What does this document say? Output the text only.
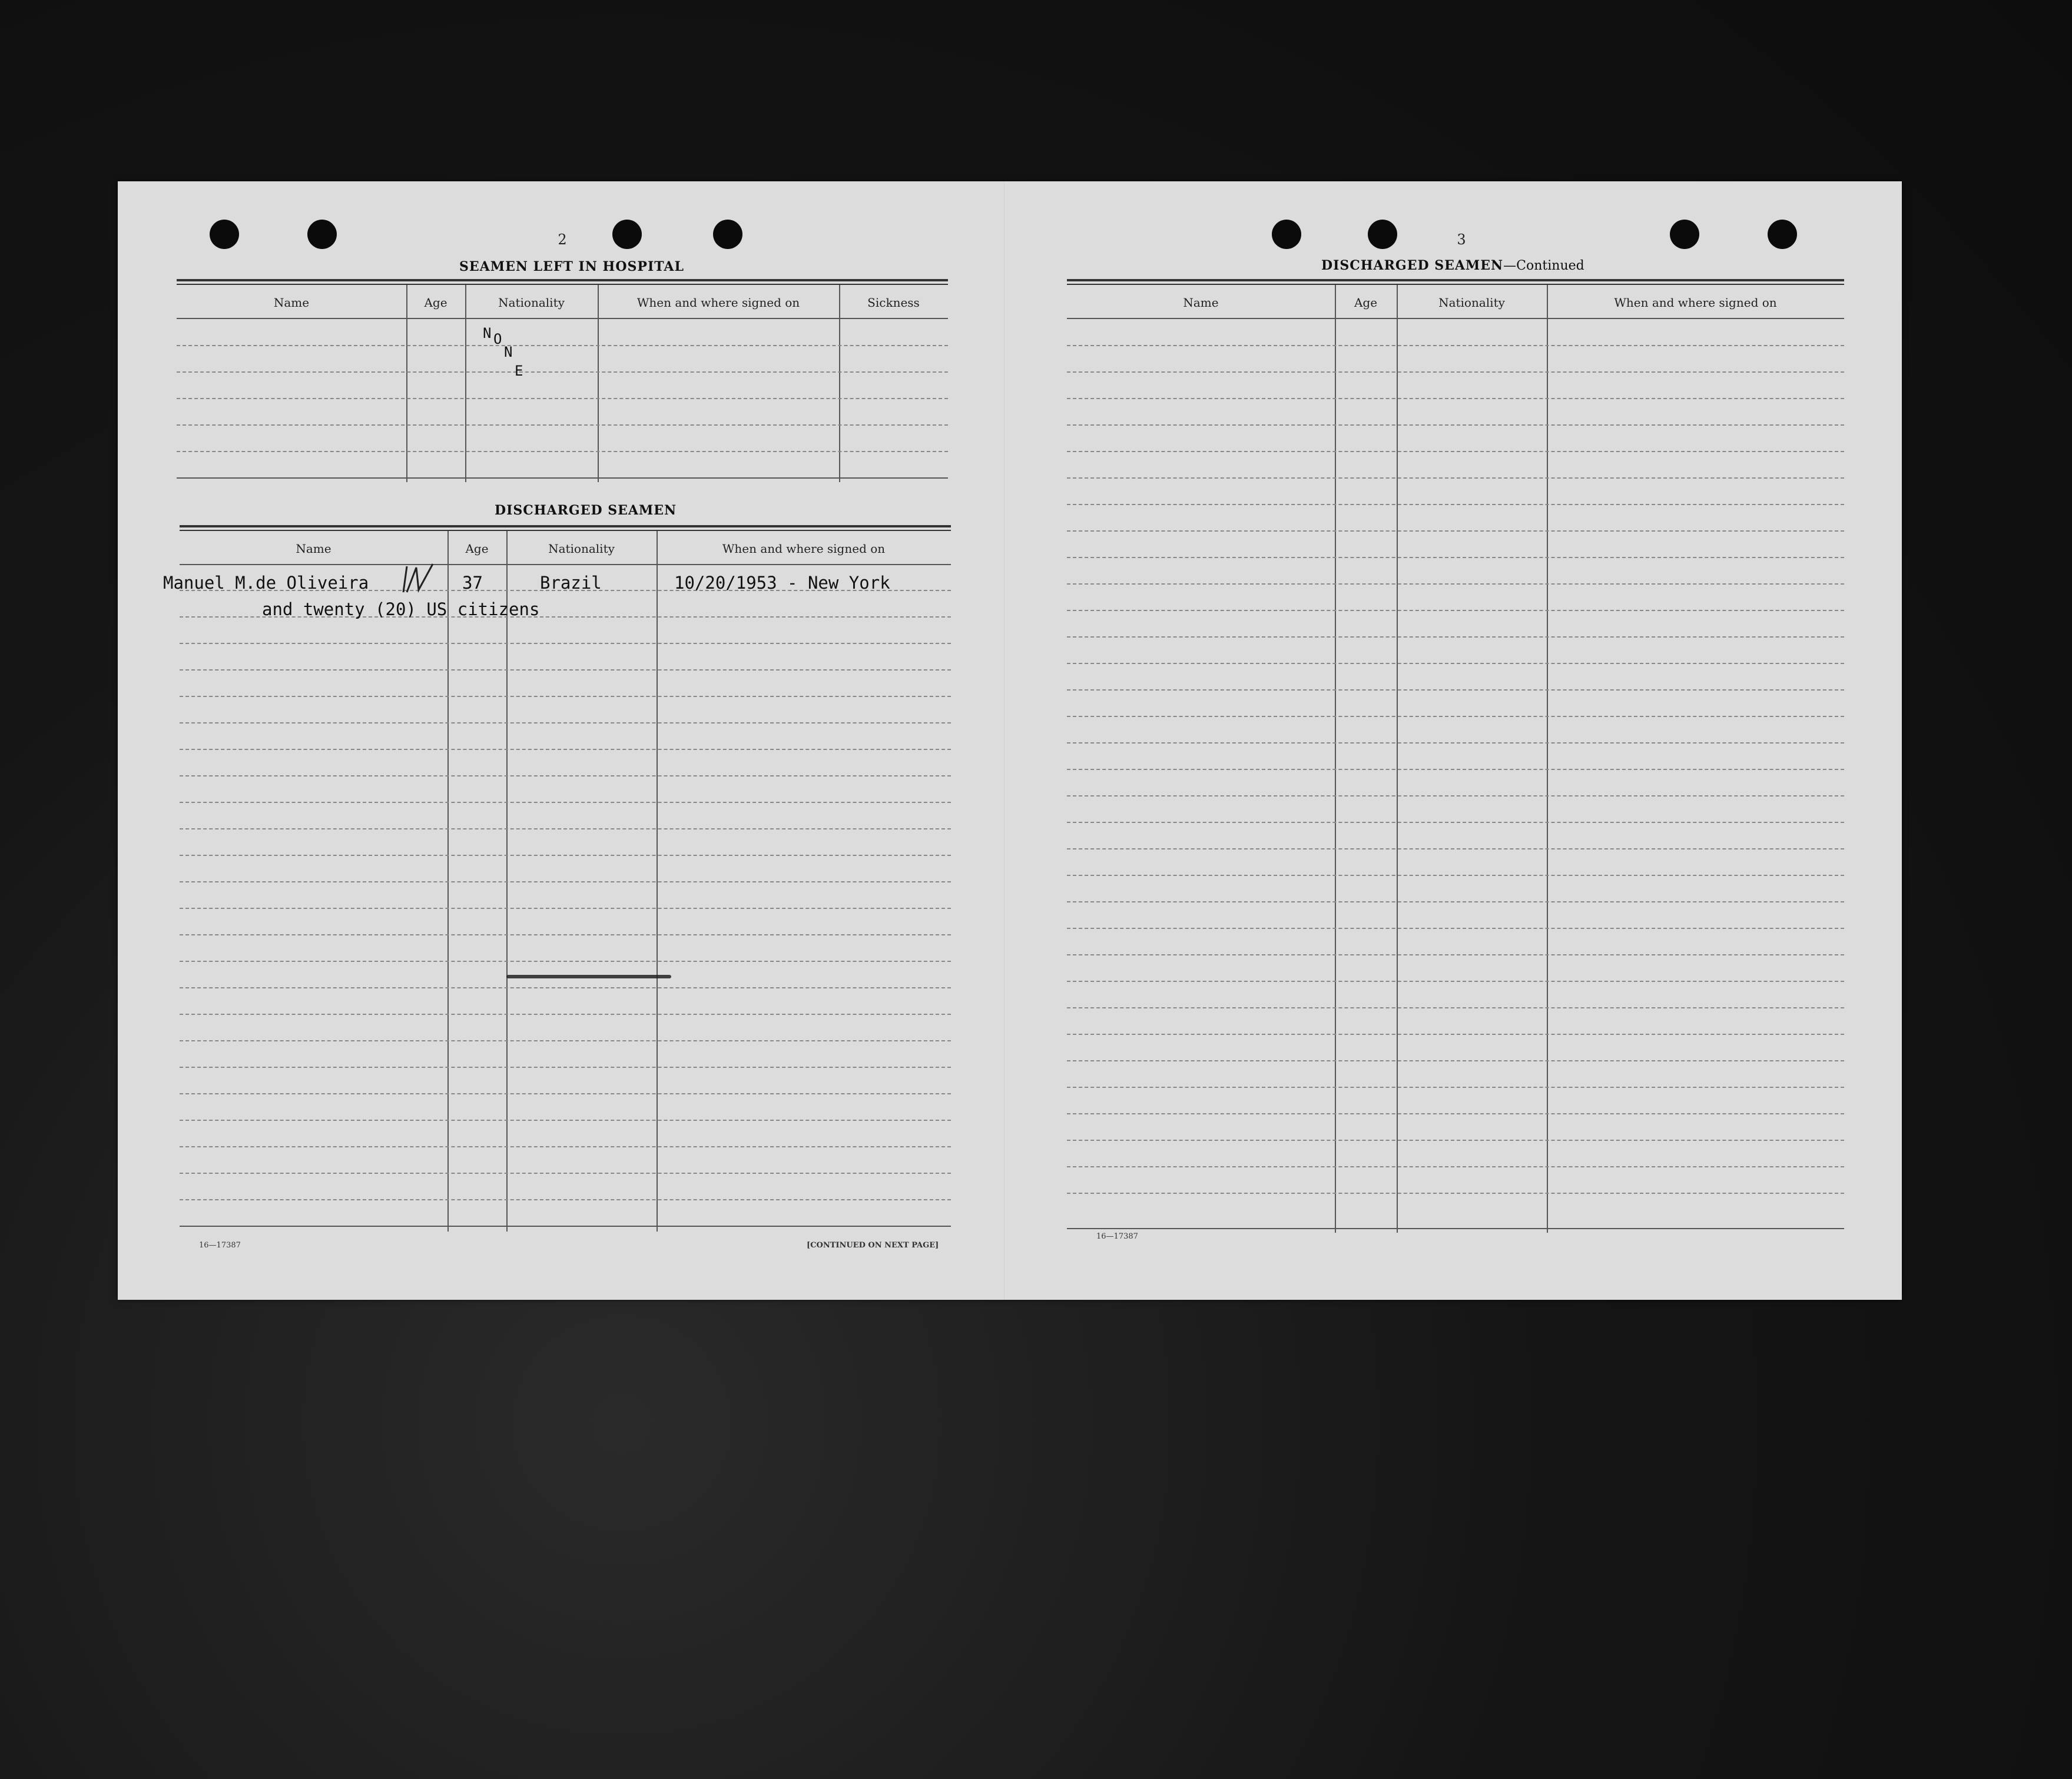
2
SEAMEN LEFT IN HOSPITAL
Name	Age	Nationality	When and where signed on	Sickness
N O
N
E
DISCHARGED SEAMEN
Name	Age	Nationality	When and where signed on
Manuel M.de Oliveira	37	Brazil	10/20/1953 - New York
and twenty (20) US citizens
16—17387	[CONTINUED ON NEXT PAGE]
3
DISCHARGED SEAMEN—Continued
Name	Age	Nationality	When and where signed on
16—17387
